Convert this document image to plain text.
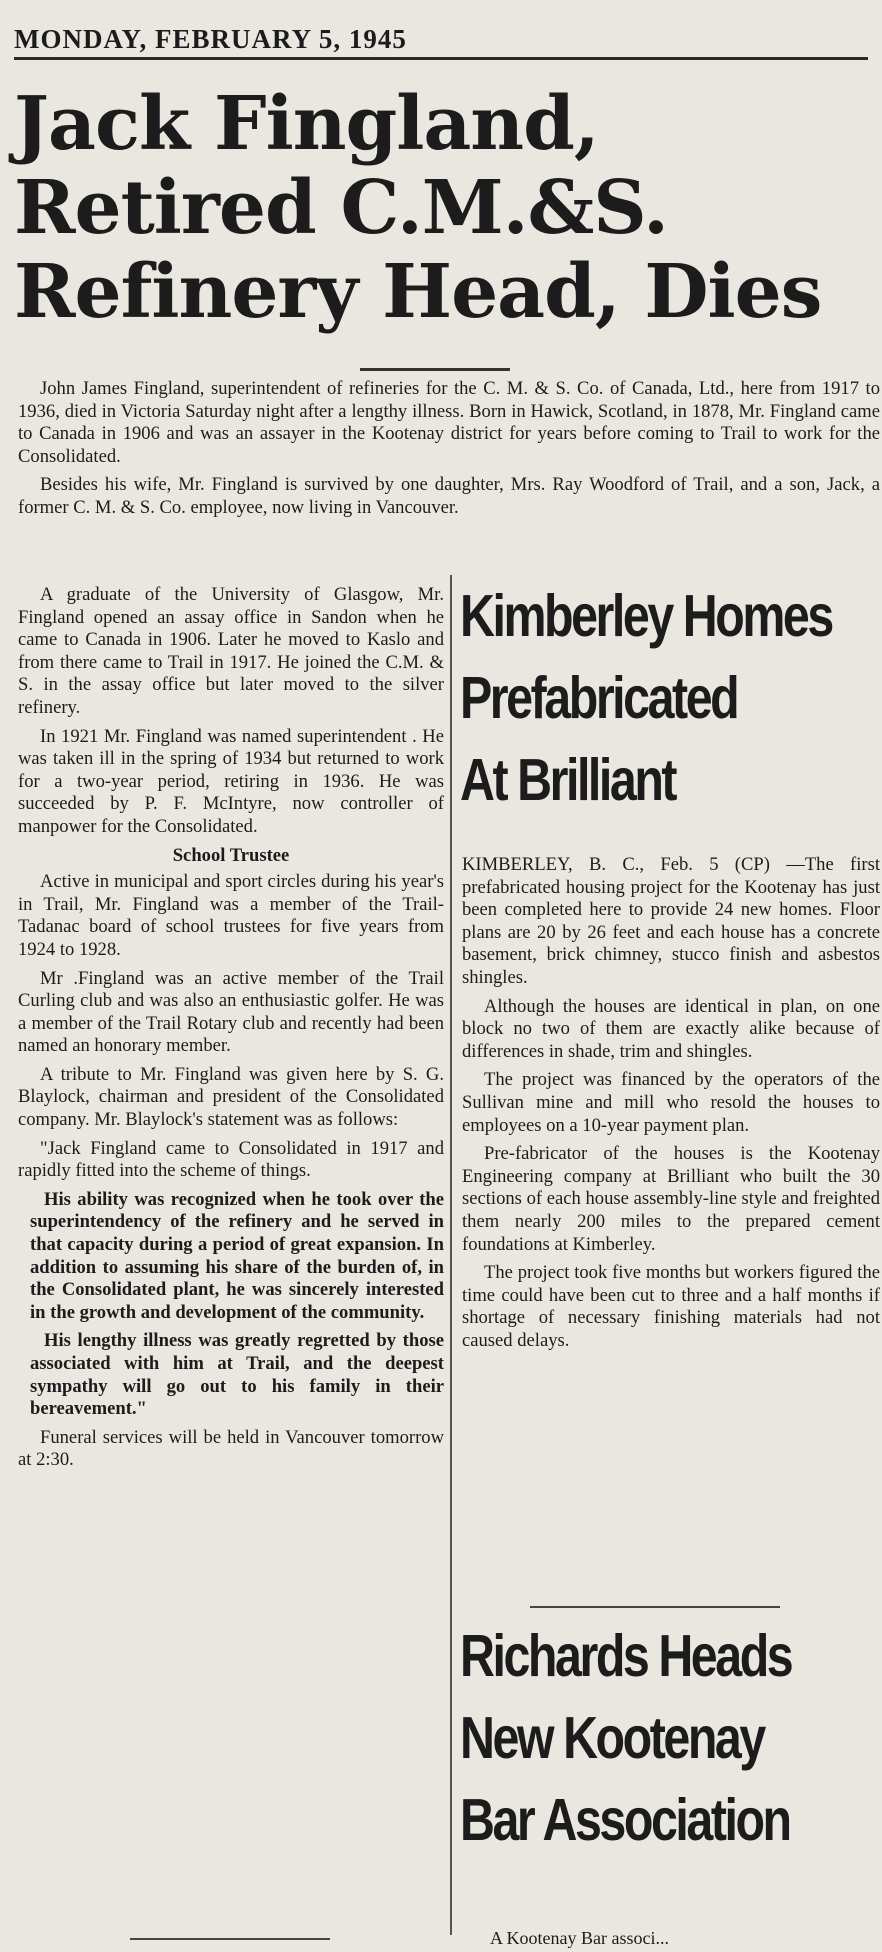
MONDAY, FEBRUARY 5, 1945
Jack Fingland,
Retired C.M.&S.
Refinery Head, Dies

John James Fingland, superintendent of refineries for the C. M. & S. Co. of Canada, Ltd., here from 1917 to 1936, died in Victoria Saturday night after a lengthy illness. Born in Hawick, Scotland, in 1878, Mr. Fingland came to Canada in 1906 and was an assayer in the Kootenay district for years before coming to Trail to work for the Consolidated.

Besides his wife, Mr. Fingland is survived by one daughter, Mrs. Ray Woodford of Trail, and a son, Jack, a former C. M. & S. Co. employee, now living in Vancouver.

A graduate of the University of Glasgow, Mr. Fingland opened an assay office in Sandon when he came to Canada in 1906. Later he moved to Kaslo and from there came to Trail in 1917. He joined the C.M. & S. in the assay office but later moved to the silver refinery.

In 1921 Mr. Fingland was named superintendent . He was taken ill in the spring of 1934 but returned to work for a two-year period, retiring in 1936. He was succeeded by P. F. McIntyre, now controller of manpower for the Consolidated.

School Trustee

Active in municipal and sport circles during his year's in Trail, Mr. Fingland was a member of the Trail-Tadanac board of school trustees for five years from 1924 to 1928.

Mr .Fingland was an active member of the Trail Curling club and was also an enthusiastic golfer. He was a member of the Trail Rotary club and recently had been named an honorary member.

A tribute to Mr. Fingland was given here by S. G. Blaylock, chairman and president of the Consolidated company. Mr. Blaylock's statement was as follows:

"Jack Fingland came to Consolidated in 1917 and rapidly fitted into the scheme of things.

His ability was recognized when he took over the superintendency of the refinery and he served in that capacity during a period of great expansion. In addition to assuming his share of the burden of, in the Consolidated plant, he was sincerely interested in the growth and development of the community.

His lengthy illness was greatly regretted by those associated with him at Trail, and the deepest sympathy will go out to his family in their bereavement."

Funeral services will be held in Vancouver tomorrow at 2:30.

Kimberley Homes
Prefabricated
At Brilliant

KIMBERLEY, B. C., Feb. 5 (CP) —The first prefabricated housing project for the Kootenay has just been completed here to provide 24 new homes. Floor plans are 20 by 26 feet and each house has a concrete basement, brick chimney, stucco finish and asbestos shingles.

Although the houses are identical in plan, on one block no two of them are exactly alike because of differences in shade, trim and shingles.

The project was financed by the operators of the Sullivan mine and mill who resold the houses to employees on a 10-year payment plan.

Pre-fabricator of the houses is the Kootenay Engineering company at Brilliant who built the 30 sections of each house assembly-line style and freighted them nearly 200 miles to the prepared cement foundations at Kimberley.

The project took five months but workers figured the time could have been cut to three and a half months if shortage of necessary finishing materials had not caused delays.

Richards Heads
New Kootenay
Bar Association
A Kootenay Bar associ...
